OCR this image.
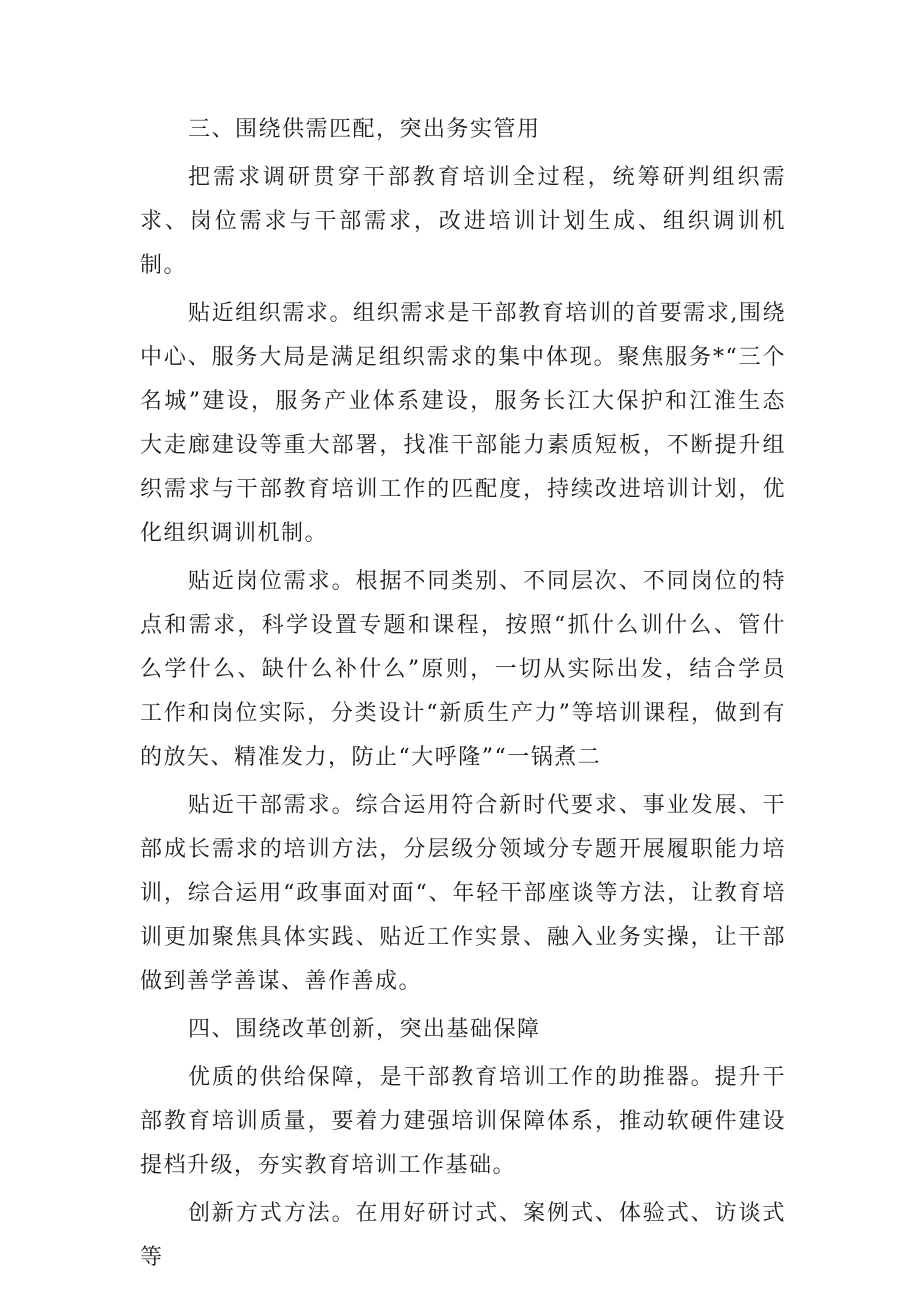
三、围绕供需匹配，突出务实管用

把需求调研贯穿干部教育培训全过程，统筹研判组织需求、岗位需求与干部需求，改进培训计划生成、组织调训机制。

贴近组织需求。组织需求是干部教育培训的首要需求,围绕中心、服务大局是满足组织需求的集中体现。聚焦服务*“三个名城”建设，服务产业体系建设，服务长江大保护和江淮生态大走廊建设等重大部署，找准干部能力素质短板，不断提升组织需求与干部教育培训工作的匹配度，持续改进培训计划，优化组织调训机制。

贴近岗位需求。根据不同类别、不同层次、不同岗位的特点和需求，科学设置专题和课程，按照“抓什么训什么、管什么学什么、缺什么补什么”原则，一切从实际出发，结合学员工作和岗位实际，分类设计“新质生产力”等培训课程，做到有的放矢、精准发力，防止“大呼隆”“一锅煮二

贴近干部需求。综合运用符合新时代要求、事业发展、干部成长需求的培训方法，分层级分领域分专题开展履职能力培训，综合运用“政事面对面“、年轻干部座谈等方法，让教育培训更加聚焦具体实践、贴近工作实景、融入业务实操，让干部做到善学善谋、善作善成。

四、围绕改革创新，突出基础保障

优质的供给保障，是干部教育培训工作的助推器。提升干部教育培训质量，要着力建强培训保障体系，推动软硬件建设提档升级，夯实教育培训工作基础。

创新方式方法。在用好研讨式、案例式、体验式、访谈式等
